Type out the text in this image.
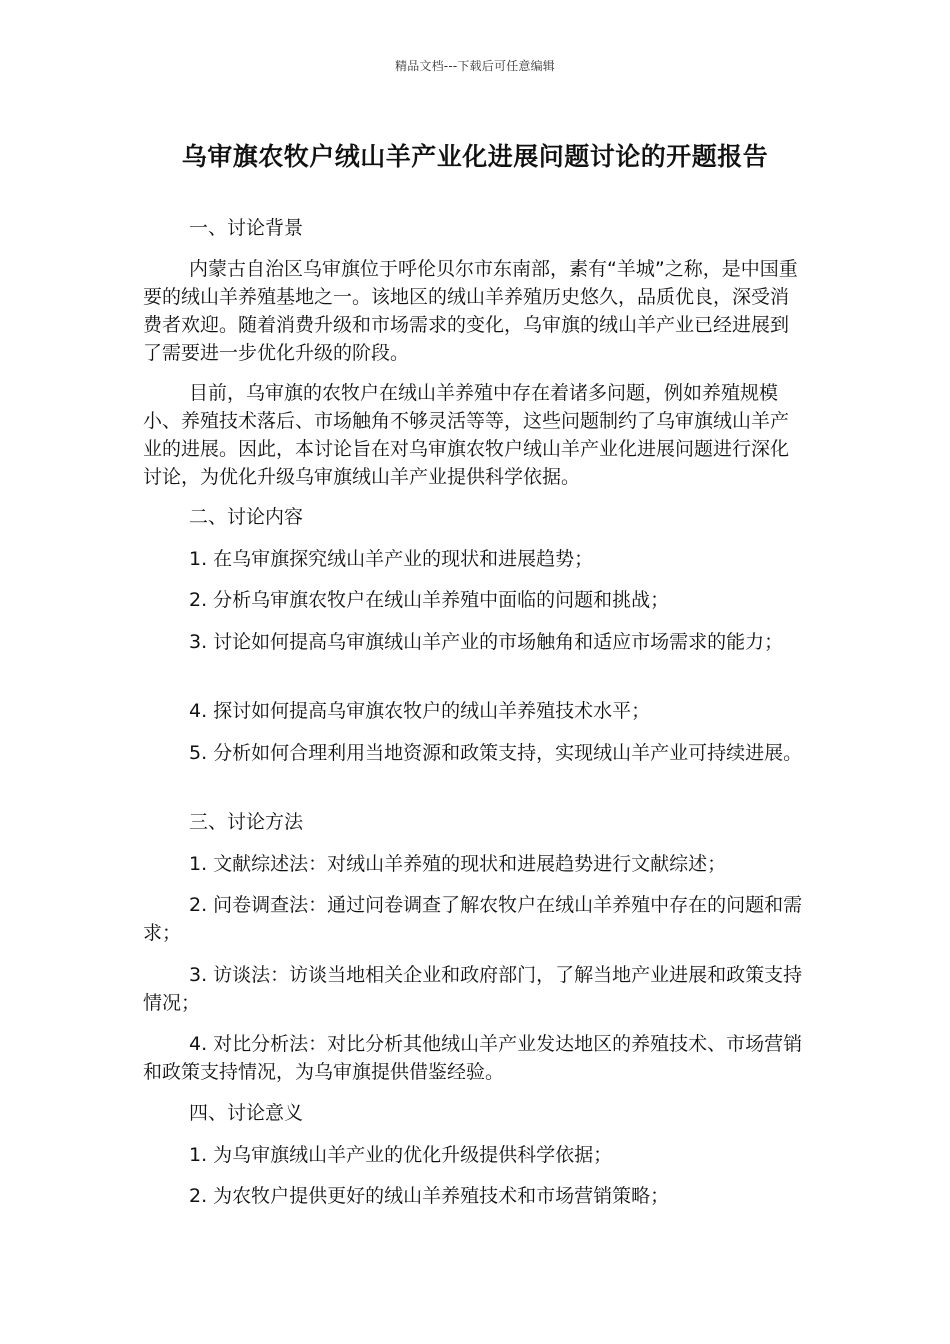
精品文档---下载后可任意编辑
乌审旗农牧户绒山羊产业化进展问题讨论的开题报告

一、讨论背景

内蒙古自治区乌审旗位于呼伦贝尔市东南部，素有“羊城”之称，是中国重要的绒山羊养殖基地之一。该地区的绒山羊养殖历史悠久，品质优良，深受消费者欢迎。随着消费升级和市场需求的变化，乌审旗的绒山羊产业已经进展到了需要进一步优化升级的阶段。

目前，乌审旗的农牧户在绒山羊养殖中存在着诸多问题，例如养殖规模小、养殖技术落后、市场触角不够灵活等等，这些问题制约了乌审旗绒山羊产业的进展。因此，本讨论旨在对乌审旗农牧户绒山羊产业化进展问题进行深化讨论，为优化升级乌审旗绒山羊产业提供科学依据。

二、讨论内容

1. 在乌审旗探究绒山羊产业的现状和进展趋势；

2. 分析乌审旗农牧户在绒山羊养殖中面临的问题和挑战；

3. 讨论如何提高乌审旗绒山羊产业的市场触角和适应市场需求的能力；

4. 探讨如何提高乌审旗农牧户的绒山羊养殖技术水平；

5. 分析如何合理利用当地资源和政策支持，实现绒山羊产业可持续进展。

三、讨论方法

1. 文献综述法：对绒山羊养殖的现状和进展趋势进行文献综述；

2. 问卷调查法：通过问卷调查了解农牧户在绒山羊养殖中存在的问题和需求；

3. 访谈法：访谈当地相关企业和政府部门，了解当地产业进展和政策支持情况；

4. 对比分析法：对比分析其他绒山羊产业发达地区的养殖技术、市场营销和政策支持情况，为乌审旗提供借鉴经验。

四、讨论意义

1. 为乌审旗绒山羊产业的优化升级提供科学依据；

2. 为农牧户提供更好的绒山羊养殖技术和市场营销策略；
